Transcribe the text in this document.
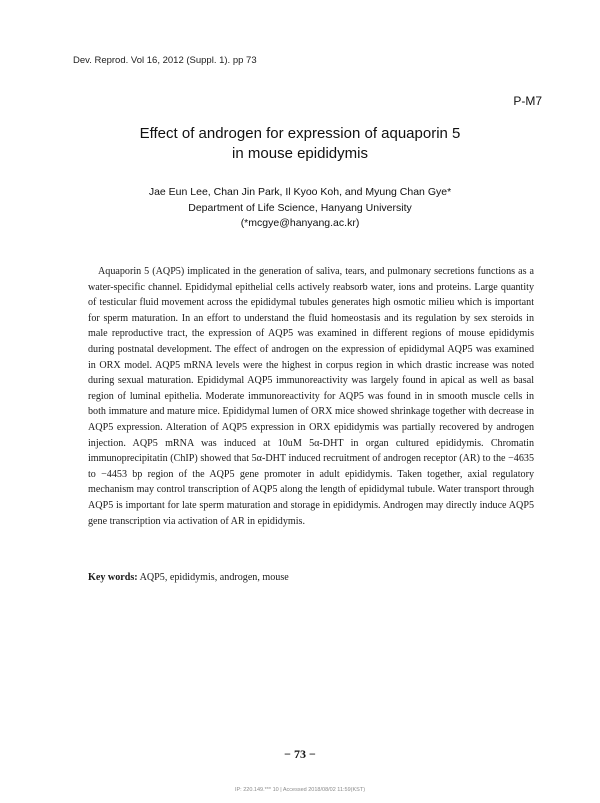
Dev. Reprod. Vol 16, 2012 (Suppl. 1). pp 73
P-M7
Effect of androgen for expression of aquaporin 5
in mouse epididymis
Jae Eun Lee, Chan Jin Park, Il Kyoo Koh, and Myung Chan Gye*
Department of Life Science, Hanyang University
(*mcgye@hanyang.ac.kr)

Aquaporin 5 (AQP5) implicated in the generation of saliva, tears, and pulmonary secretions functions as a water-specific channel. Epididymal epithelial cells actively reabsorb water, ions and proteins. Large quantity of testicular fluid movement across the epididymal tubules generates high osmotic milieu which is important for sperm maturation. In an effort to understand the fluid homeostasis and its regulation by sex steroids in male reproductive tract, the expression of AQP5 was examined in different regions of mouse epididymis during postnatal development. The effect of androgen on the expression of epididymal AQP5 was examined in ORX model. AQP5 mRNA levels were the highest in corpus region in which drastic increase was noted during sexual maturation. Epididymal AQP5 immunoreactivity was largely found in apical as well as basal region of luminal epithelia. Moderate immunoreactivity for AQP5 was found in in smooth muscle cells in both immature and mature mice. Epididymal lumen of ORX mice showed shrinkage together with decrease in AQP5 expression. Alteration of AQP5 expression in ORX epididymis was partially recovered by androgen injection. AQP5 mRNA was induced at 10uM 5α-DHT in organ cultured epididymis. Chromatin immunoprecipitatin (ChIP) showed that 5α-DHT induced recruitment of androgen receptor (AR) to the −4635 to −4453 bp region of the AQP5 gene promoter in adult epididymis. Taken together, axial regulatory mechanism may control transcription of AQP5 along the length of epididymal tubule. Water transport through AQP5 is important for late sperm maturation and storage in epididymis. Androgen may directly induce AQP5 gene transcription via activation of AR in epididymis.

Key words: AQP5, epididymis, androgen, mouse
− 73 −
IP: 220.149.*** 10 | Accessed 2018/08/02 11:59(KST)
